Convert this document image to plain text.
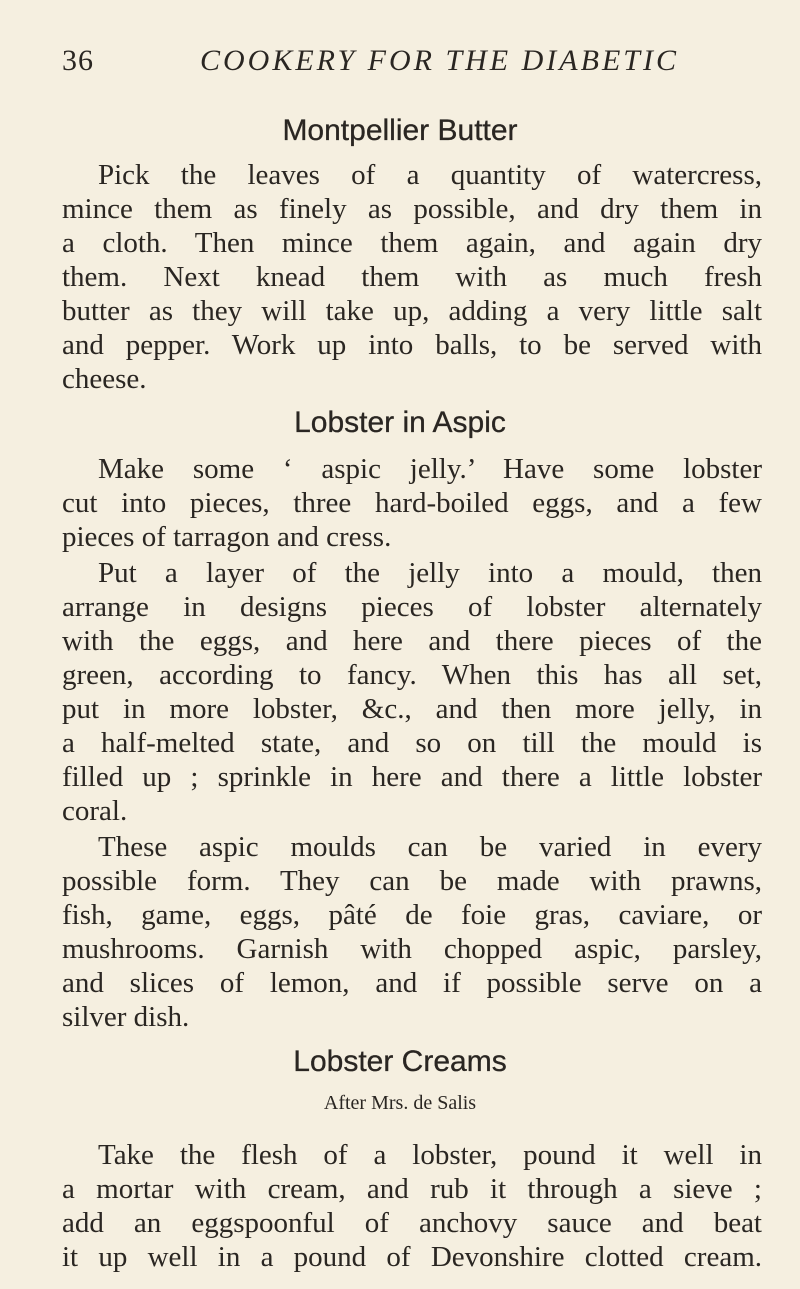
36	COOKERY FOR THE DIABETIC
Montpellier Butter
Pick the leaves of a quantity of watercress,
mince them as finely as possible, and dry them in
a cloth. Then mince them again, and again dry
them. Next knead them with as much fresh
butter as they will take up, adding a very little salt
and pepper. Work up into balls, to be served with
cheese.
Lobster in Aspic
Make some ‘ aspic jelly.’ Have some lobster
cut into pieces, three hard-boiled eggs, and a few
pieces of tarragon and cress.
Put a layer of the jelly into a mould, then
arrange in designs pieces of lobster alternately
with the eggs, and here and there pieces of the
green, according to fancy. When this has all set,
put in more lobster, &c., and then more jelly, in
a half-melted state, and so on till the mould is
filled up ; sprinkle in here and there a little lobster
coral.
These aspic moulds can be varied in every
possible form. They can be made with prawns,
fish, game, eggs, pâté de foie gras, caviare, or
mushrooms. Garnish with chopped aspic, parsley,
and slices of lemon, and if possible serve on a
silver dish.
Lobster Creams
After Mrs. de Salis
Take the flesh of a lobster, pound it well in
a mortar with cream, and rub it through a sieve ;
add an eggspoonful of anchovy sauce and beat
it up well in a pound of Devonshire clotted cream.
